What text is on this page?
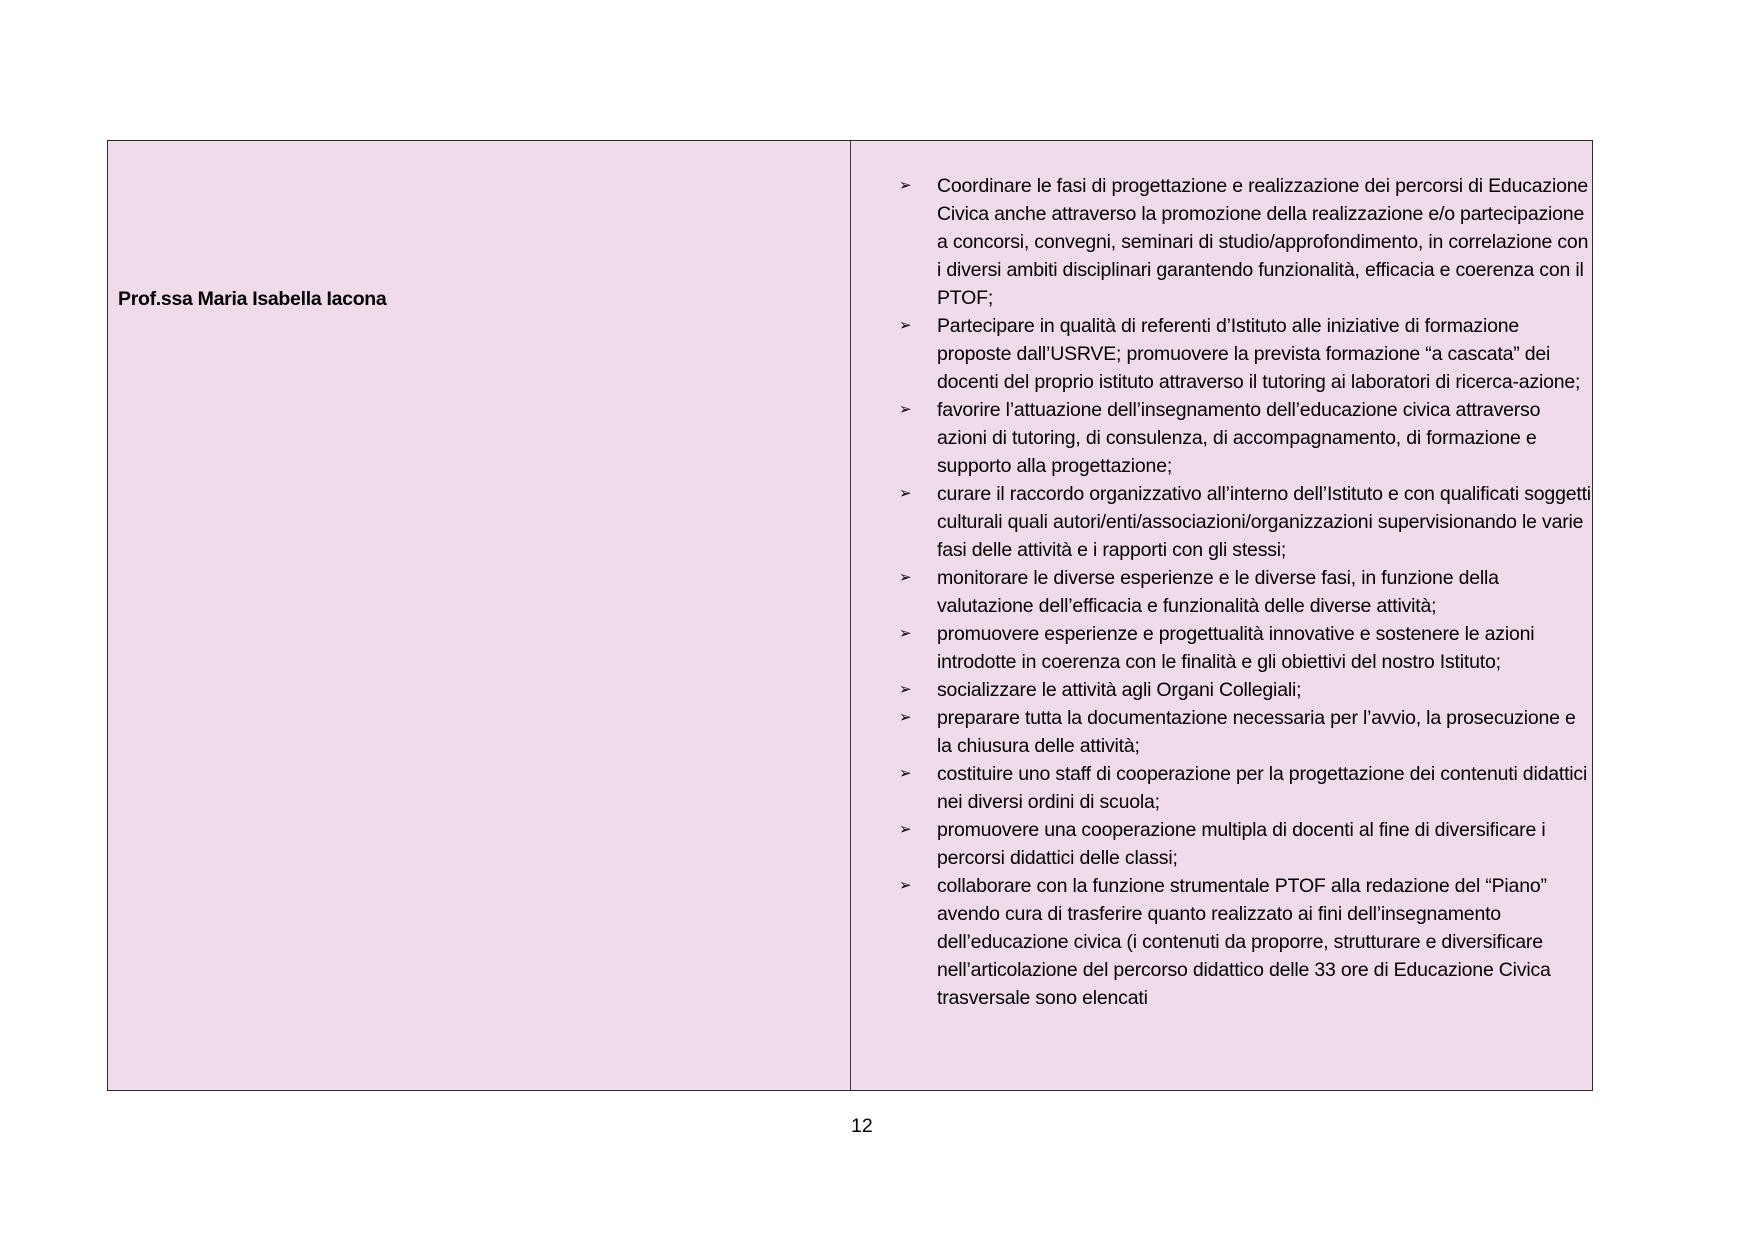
Prof.ssa Maria Isabella Iacona
➢ Coordinare le fasi di progettazione e realizzazione dei percorsi di Educazione Civica anche attraverso la promozione della realizzazione e/o partecipazione a concorsi, convegni, seminari di studio/approfondimento, in correlazione con i diversi ambiti disciplinari garantendo funzionalità, efficacia e coerenza con il PTOF;
➢ Partecipare in qualità di referenti d’Istituto alle iniziative di formazione proposte dall’USRVE; promuovere la prevista formazione “a cascata” dei docenti del proprio istituto attraverso il tutoring ai laboratori di ricerca-azione;
➢ favorire l’attuazione dell’insegnamento dell’educazione civica attraverso azioni di tutoring, di consulenza, di accompagnamento, di formazione e supporto alla progettazione;
➢ curare il raccordo organizzativo all’interno dell’Istituto e con qualificati soggetti culturali quali autori/enti/associazioni/organizzazioni supervisionando le varie fasi delle attività e i rapporti con gli stessi;
➢ monitorare le diverse esperienze e le diverse fasi, in funzione della valutazione dell’efficacia e funzionalità delle diverse attività;
➢ promuovere esperienze e progettualità innovative e sostenere le azioni introdotte in coerenza con le finalità e gli obiettivi del nostro Istituto;
➢ socializzare le attività agli Organi Collegiali;
➢ preparare tutta la documentazione necessaria per l’avvio, la prosecuzione e la chiusura delle attività;
➢ costituire uno staff di cooperazione per la progettazione dei contenuti didattici nei diversi ordini di scuola;
➢ promuovere una cooperazione multipla di docenti al fine di diversificare i percorsi didattici delle classi;
➢ collaborare con la funzione strumentale PTOF alla redazione del “Piano” avendo cura di trasferire quanto realizzato ai fini dell’insegnamento dell’educazione civica (i contenuti da proporre, strutturare e diversificare nell’articolazione del percorso didattico delle 33 ore di Educazione Civica trasversale sono elencati
12
